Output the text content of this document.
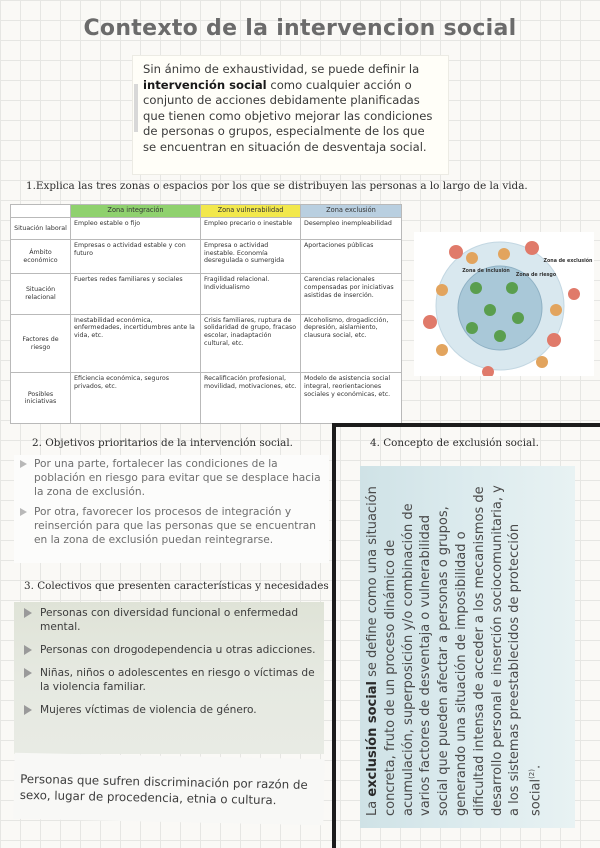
Contexto de la intervencion social
Sin ánimo de exhaustividad, se puede definir la intervención social como cualquier acción o conjunto de acciones debidamente planificadas que tienen como objetivo mejorar las condiciones de personas o grupos, especialmente de los que se encuentran en situación de desventaja social.
1.Explica las tres zonas o espacios por los que se distribuyen las personas a lo largo de la vida.
	Zona integración	Zona vulnerabilidad	Zona exclusión
Situación laboral	Empleo estable o fijo	Empleo precario o inestable	Desempleo inempleabilidad
Ámbito económico	Empresas o actividad estable y con futuro	Empresa o actividad inestable. Economía desregulada o sumergida	Aportaciones públicas
Situación relacional	Fuertes redes familiares y sociales	Fragilidad relacional. Individualismo	Carencias relacionales compensadas por iniciativas asistidas de inserción.
Factores de riesgo	Inestabilidad económica, enfermedades, incertidumbres ante la vida, etc.	Crisis familiares, ruptura de solidaridad de grupo, fracaso escolar, inadaptación cultural, etc.	Alcoholismo, drogadicción, depresión, aislamiento, clausura social, etc.
Posibles iniciativas	Eficiencia económica, seguros privados, etc.	Recalificación profesional, movilidad, motivaciones, etc.	Modelo de asistencia social integral, reorientaciones sociales y económicas, etc.
Zona de inclusión
Zona de riesgo
Zona de exclusión
2. Objetivos prioritarios de la intervención social.

Por una parte, fortalecer las condiciones de la población en riesgo para evitar que se desplace hacia la zona de exclusión.

Por otra, favorecer los procesos de integración y reinserción para que las personas que se encuentran en la zona de exclusión puedan reintegrarse.

3. Colectivos que presenten características y necesidades

Personas con diversidad funcional o enfermedad mental.

Personas con drogodependencia u otras adicciones.

Niñas, niños o adolescentes en riesgo o víctimas de la violencia familiar.

Mujeres víctimas de violencia de género.

Personas que sufren discriminación por razón de sexo, lugar de procedencia, etnia o cultura.
4. Concepto de exclusión social.
La exclusión social se define como una situación concreta, fruto de un proceso dinámico de acumulación, superposición y/o combinación de varios factores de desventaja o vulnerabilidad social que pueden afectar a personas o grupos, generando una situación de imposibilidad o dificultad intensa de acceder a los mecanismos de desarrollo personal e inserción sociocomunitaria, y a los sistemas preestablecidos de protección social$^{(2)}$.
